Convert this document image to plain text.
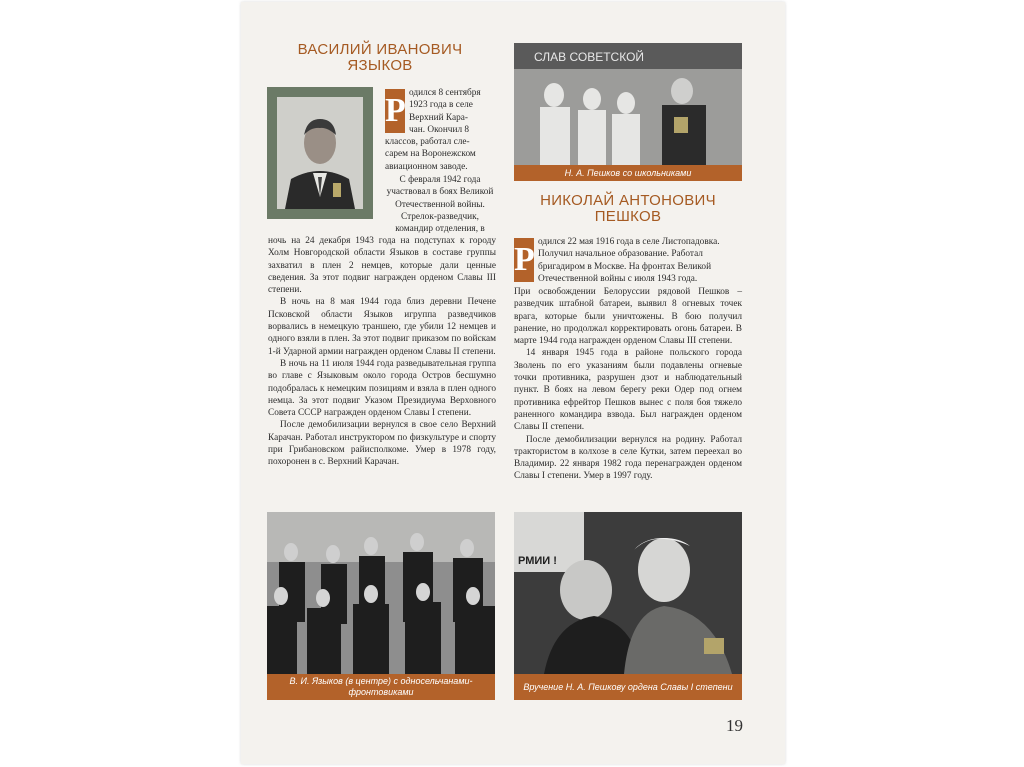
ВАСИЛИЙ ИВАНОВИЧ
ЯЗЫКОВ
Р одился 8 сентября
1923 года в селе
Верхний Кара-
чан. Окончил 8
классов, работал сле-
сарем на Воронежском
авиационном заводе.
С февраля 1942 года
участвовал в боях Великой
Отечественной войны. Стрелок-разведчик,
командир отделения, в

ночь на 24 декабря 1943 года на подступах к городу Холм Новгородской области Языков в составе группы захватил в плен 2 немцев, которые дали ценные сведения. За этот подвиг награжден орденом Славы III степени.

В ночь на 8 мая 1944 года близ деревни Печене Псковской области Языков игруппа разведчиков ворвались в немецкую траншею, где убили 12 немцев и одного взяли в плен. За этот подвиг приказом по войскам 1-й Ударной армии награжден орденом Славы II степени.

В ночь на 11 июля 1944 года разведывательная группа во главе с Языковым около города Остров бесшумно подобралась к немецким позициям и взяла в плен одного немца. За этот подвиг Указом Президиума Верховного Совета СССР награжден орденом Славы I степени.

После демобилизации вернулся в свое село Верхний Карачан. Работал инструктором по физкультуре и спорту при Грибановском райисполкоме. Умер в 1978 году, похоронен в с. Верхний Карачан.

В. И. Языков (в центре) с односельчанами-фронтовиками
СЛАВ СОВЕТСКОЙ
Н. А. Пешков со школьниками
НИКОЛАЙ АНТОНОВИЧ
ПЕШКОВ
Р одился 22 мая 1916 года в селе Листопадовка.
Получил начальное образование. Работал
бригадиром в Москве. На фронтах Великой
Отечественной войны с июля 1943 года.

При освобождении Белоруссии рядовой Пешков – разведчик штабной батареи, выявил 8 огневых точек врага, которые были уничтожены. В бою получил ранение, но продолжал корректировать огонь батареи. В марте 1944 года награжден орденом Славы III степени.

14 января 1945 года в районе польского города Зволень по его указаниям были подавлены огневые точки противника, разрушен дзот и наблюдательный пункт. В боях на левом берегу реки Одер под огнем противника ефрейтор Пешков вынес с поля боя тяжело раненного командира взвода. Был награжден орденом Славы II степени.

После демобилизации вернулся на родину. Работал трактористом в колхозе в селе Кутки, затем переехал во Владимир. 22 января 1982 года перенагражден орденом Славы I степени. Умер в 1997 году.

РМИИ !
Вручение Н. А. Пешкову ордена Славы I степени
19
